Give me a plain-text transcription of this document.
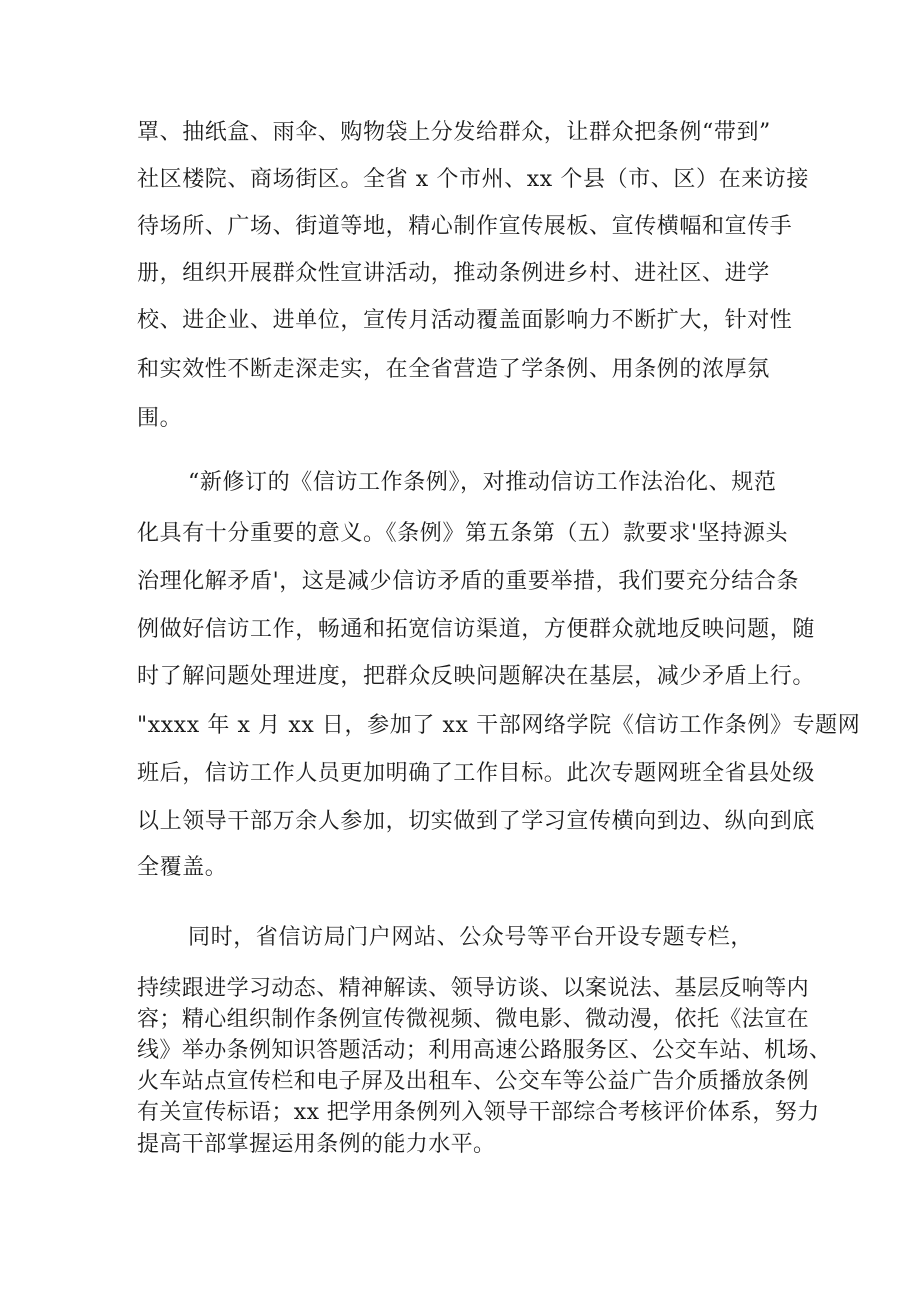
罩、抽纸盒、雨伞、购物袋上分发给群众，让群众把条例“带到”
社区楼院、商场街区。全省 x 个市州、xx 个县（市、区）在来访接
待场所、广场、街道等地，精心制作宣传展板、宣传横幅和宣传手
册，组织开展群众性宣讲活动，推动条例进乡村、进社区、进学
校、进企业、进单位，宣传月活动覆盖面影响力不断扩大，针对性
和实效性不断走深走实，在全省营造了学条例、用条例的浓厚氛
围。
“新修订的《信访工作条例》，对推动信访工作法治化、规范
化具有十分重要的意义。《条例》第五条第（五）款要求'坚持源头
治理化解矛盾'，这是减少信访矛盾的重要举措，我们要充分结合条
例做好信访工作，畅通和拓宽信访渠道，方便群众就地反映问题，随
时了解问题处理进度，把群众反映问题解决在基层，减少矛盾上行。
"xxxx 年 x 月 xx 日，参加了 xx 干部网络学院《信访工作条例》专题网
班后，信访工作人员更加明确了工作目标。此次专题网班全省县处级
以上领导干部万余人参加，切实做到了学习宣传横向到边、纵向到底
全覆盖。
同时，省信访局门户网站、公众号等平台开设专题专栏，
持续跟进学习动态、精神解读、领导访谈、以案说法、基层反响等内
容；精心组织制作条例宣传微视频、微电影、微动漫，依托《法宣在
线》举办条例知识答题活动；利用高速公路服务区、公交车站、机场、
火车站点宣传栏和电子屏及出租车、公交车等公益广告介质播放条例
有关宣传标语；xx 把学用条例列入领导干部综合考核评价体系，努力
提高干部掌握运用条例的能力水平。
